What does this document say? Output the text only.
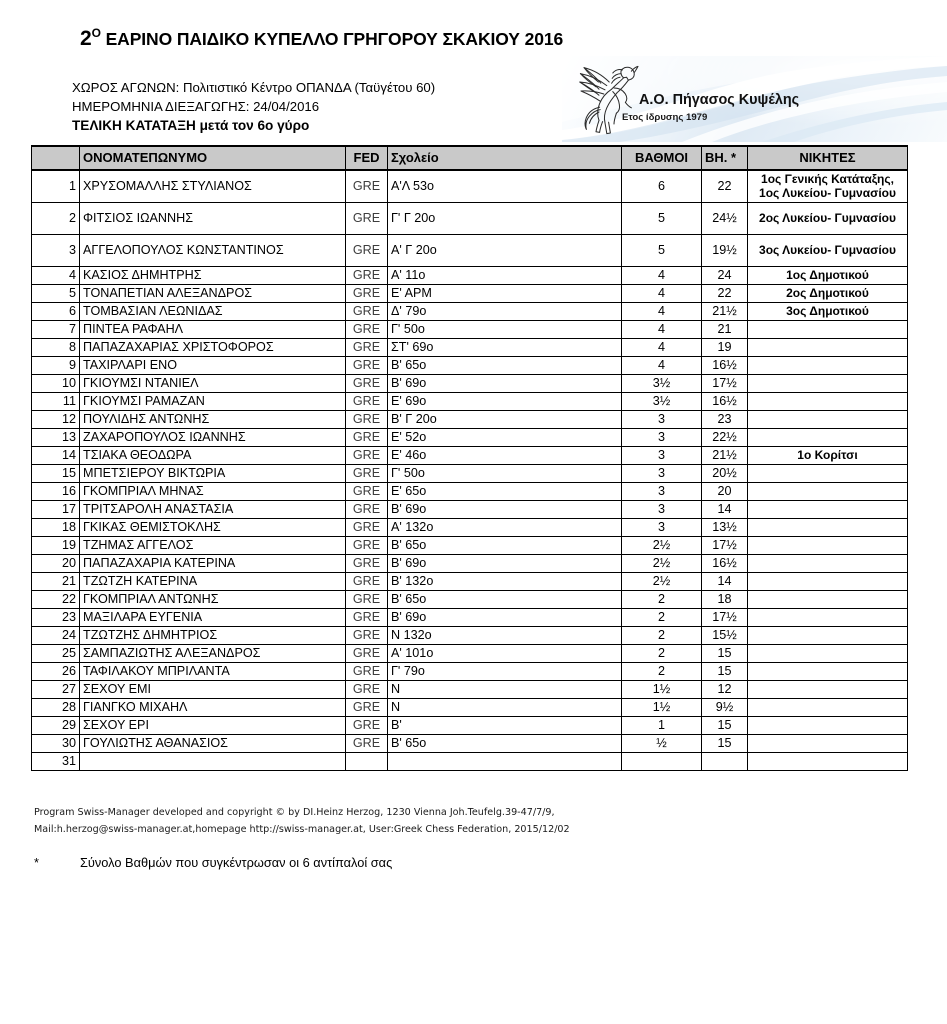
$2^O$ ΕΑΡΙΝΟ ΠΑΙΔΙΚΟ ΚΥΠΕΛΛΟ ΓΡΗΓΟΡΟΥ ΣΚΑΚΙΟΥ 2016
ΧΩΡΟΣ ΑΓΩΝΩΝ: Πολιτιστικό Κέντρο ΟΠΑΝΔΑ (Ταϋγέτου 60)
ΗΜΕΡΟΜΗΝΙΑ ΔΙΕΞΑΓΩΓΗΣ: 24/04/2016
ΤΕΛΙΚΗ ΚΑΤΑΤΑΞΗ μετά τον 6ο γύρο
Α.Ο. Πήγασος Κυψέλης
Ετος ίδρυσης 1979
	ΟΝΟΜΑΤΕΠΩΝΥΜΟ	FED	Σχολείο	ΒΑΘΜΟΙ	ΒΗ. *	ΝΙΚΗΤΕΣ
1	ΧΡΥΣΟΜΑΛΛΗΣ ΣΤΥΛΙΑΝΟΣ	GRE	Α'Λ 53ο	6	22	1ος Γενικής Κατάταξης, 1ος Λυκείου- Γυμνασίου
2	ΦΙΤΣΙΟΣ ΙΩΑΝΝΗΣ	GRE	Γ' Γ 20ο	5	24½	2ος Λυκείου- Γυμνασίου
3	ΑΓΓΕΛΟΠΟΥΛΟΣ ΚΩΝΣΤΑΝΤΙΝΟΣ	GRE	Α' Γ 20ο	5	19½	3ος Λυκείου- Γυμνασίου
4	ΚΑΣΙΟΣ ΔΗΜΗΤΡΗΣ	GRE	Α' 11ο	4	24	1ος Δημοτικού
5	ΤΟΝΑΠΕΤΙΑΝ ΑΛΕΞΑΝΔΡΟΣ	GRE	Ε' ΑΡΜ	4	22	2ος Δημοτικού
6	ΤΟΜΒΑΣΙΑΝ ΛΕΩΝΙΔΑΣ	GRE	Δ' 79ο	4	21½	3ος Δημοτικού
7	ΠΙΝΤΕΑ ΡΑΦΑΗΛ	GRE	Γ' 50ο	4	21	
8	ΠΑΠΑΖΑΧΑΡΙΑΣ ΧΡΙΣΤΟΦΟΡΟΣ	GRE	ΣΤ' 69ο	4	19	
9	ΤΑΧΙΡΛΑΡΙ ΕΝΟ	GRE	Β' 65ο	4	16½	
10	ΓΚΙΟΥΜΣΙ ΝΤΑΝΙΕΛ	GRE	Β' 69ο	3½	17½	
11	ΓΚΙΟΥΜΣΙ ΡΑΜΑΖΑΝ	GRE	Ε' 69ο	3½	16½	
12	ΠΟΥΛΙΔΗΣ ΑΝΤΩΝΗΣ	GRE	Β' Γ 20ο	3	23	
13	ΖΑΧΑΡΟΠΟΥΛΟΣ ΙΩΑΝΝΗΣ	GRE	Ε' 52ο	3	22½	
14	ΤΣΙΑΚΑ ΘΕΟΔΩΡΑ	GRE	Ε' 46ο	3	21½	1ο Κορίτσι
15	ΜΠΕΤΣΙΕΡΟΥ ΒΙΚΤΩΡΙΑ	GRE	Γ' 50ο	3	20½	
16	ΓΚΟΜΠΡΙΑΛ ΜΗΝΑΣ	GRE	Ε' 65ο	3	20	
17	ΤΡΙΤΣΑΡΟΛΗ ΑΝΑΣΤΑΣΙΑ	GRE	Β' 69ο	3	14	
18	ΓΚΙΚΑΣ ΘΕΜΙΣΤΟΚΛΗΣ	GRE	Α' 132ο	3	13½	
19	ΤΖΗΜΑΣ ΑΓΓΕΛΟΣ	GRE	Β' 65ο	2½	17½	
20	ΠΑΠΑΖΑΧΑΡΙΑ ΚΑΤΕΡΙΝΑ	GRE	Β' 69ο	2½	16½	
21	ΤΖΩΤΖΗ ΚΑΤΕΡΙΝΑ	GRE	Β' 132ο	2½	14	
22	ΓΚΟΜΠΡΙΑΛ ΑΝΤΩΝΗΣ	GRE	Β' 65ο	2	18	
23	ΜΑΞΙΛΑΡΑ ΕΥΓΕΝΙΑ	GRE	Β' 69ο	2	17½	
24	ΤΖΩΤΖΗΣ ΔΗΜΗΤΡΙΟΣ	GRE	Ν 132ο	2	15½	
25	ΣΑΜΠΑΖΙΩΤΗΣ ΑΛΕΞΑΝΔΡΟΣ	GRE	Α' 101ο	2	15	
26	ΤΑΦΙΛΑΚΟΥ ΜΠΡΙΛΑΝΤΑ	GRE	Γ' 79ο	2	15	
27	ΣΕΧΟΥ ΕΜΙ	GRE	Ν	1½	12	
28	ΓΙΑΝΓΚΟ ΜΙΧΑΗΛ	GRE	Ν	1½	9½	
29	ΣΕΧΟΥ ΕΡΙ	GRE	Β'	1	15	
30	ΓΟΥΛΙΩΤΗΣ ΑΘΑΝΑΣΙΟΣ	GRE	Β' 65ο	½	15	
31						
Program Swiss-Manager developed and copyright © by DI.Heinz Herzog, 1230 Vienna Joh.Teufelg.39-47/7/9,
Mail:h.herzog@swiss-manager.at,homepage http://swiss-manager.at, User:Greek Chess Federation, 2015/12/02
*	Σύνολο Βαθμών που συγκέντρωσαν οι 6 αντίπαλοί σας
